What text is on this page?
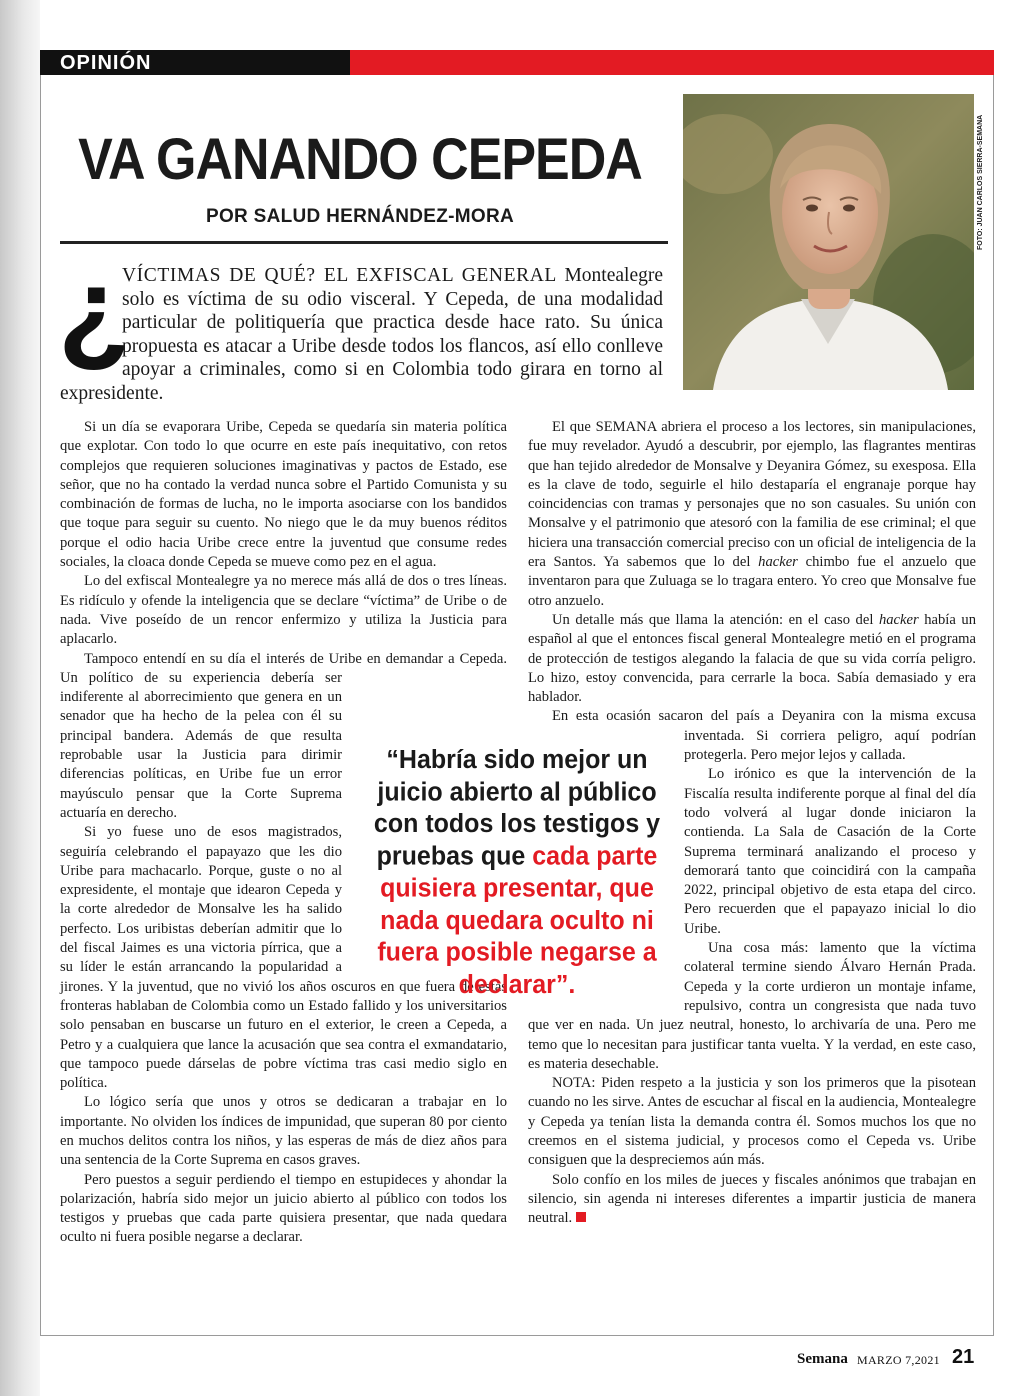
OPINIÓN
VA GANANDO CEPEDA
POR SALUD HERNÁNDEZ-MORA	FOTO: JUAN CARLOS SIERRA-SEMANA
¿
VÍCTIMAS DE QUÉ? EL EXFISCAL GENERAL Montealegre solo es víctima de su odio visceral. Y Cepeda, de una modalidad particular de politiquería que practica desde hace rato. Su única propuesta es atacar a Uribe desde todos los flancos, así ello conlleve apoyar a criminales, como si en Colombia todo girara en torno al expresidente.

Si un día se evaporara Uribe, Cepeda se quedaría sin materia política que explotar. Con todo lo que ocurre en este país inequitativo, con retos complejos que requieren soluciones imaginativas y pactos de Estado, ese señor, que no ha contado la verdad nunca sobre el Partido Comunista y su combinación de formas de lucha, no le importa asociarse con los bandidos que toque para seguir su cuento. No niego que le da muy buenos réditos porque el odio hacia Uribe crece entre la juventud que consume redes sociales, la cloaca donde Cepeda se mueve como pez en el agua.

Lo del exfiscal Montealegre ya no merece más allá de dos o tres líneas. Es ridículo y ofende la inteligencia que se declare “víctima” de Uribe o de nada. Vive poseído de un rencor enfermizo y utiliza la Justicia para aplacarlo.

Tampoco entendí en su día el interés de Uribe en demandar a Cepeda. Un político de su experiencia debería ser indiferente al aborrecimiento que genera en un senador que ha hecho de la pelea con él su principal bandera. Además de que resulta reprobable usar la Justicia para dirimir diferencias políticas, en Uribe fue un error mayúsculo pensar que la Corte Suprema actuaría en derecho.

Si yo fuese uno de esos magistrados, seguiría celebrando el papayazo que les dio Uribe para machacarlo. Porque, guste o no al expresidente, el montaje que idearon Cepeda y la corte alrededor de Monsalve les ha salido perfecto. Los uribistas deberían admitir que lo del fiscal Jaimes es una victoria pírrica, que a su líder le están arrancando la popularidad a jirones. Y la juventud, que no vivió los años oscuros en que fuera de estas fronteras hablaban de Colombia como un Estado fallido y los universitarios solo pensaban en buscarse un futuro en el exterior, le creen a Cepeda, a Petro y a cualquiera que lance la acusación que sea contra el exmandatario, que tampoco puede dárselas de pobre víctima tras casi medio siglo en política.

Lo lógico sería que unos y otros se dedicaran a trabajar en lo importante. No olviden los índices de impunidad, que superan 80 por ciento en muchos delitos contra los niños, y las esperas de más de diez años para una sentencia de la Corte Suprema en casos graves.

Pero puestos a seguir perdiendo el tiempo en estupideces y ahondar la polarización, habría sido mejor un juicio abierto al público con todos los testigos y pruebas que cada parte quisiera presentar, que nada quedara oculto ni fuera posible negarse a declarar.

El que SEMANA abriera el proceso a los lectores, sin manipulaciones, fue muy revelador. Ayudó a descubrir, por ejemplo, las flagrantes mentiras que han tejido alrededor de Monsalve y Deyanira Gómez, su exesposa. Ella es la clave de todo, seguirle el hilo destaparía el engranaje porque hay coincidencias con tramas y personajes que no son casuales. Su unión con Monsalve y el patrimonio que atesoró con la familia de ese criminal; el que hiciera una transacción comercial preciso con un oficial de inteligencia de la era Santos. Ya sabemos que lo del hacker chimbo fue el anzuelo que inventaron para que Zuluaga se lo tragara entero. Yo creo que Monsalve fue otro anzuelo.

Un detalle más que llama la atención: en el caso del hacker había un español al que el entonces fiscal general Montealegre metió en el programa de protección de testigos alegando la falacia de que su vida corría peligro. Lo hizo, estoy convencida, para cerrarle la boca. Sabía demasiado y era hablador.

En esta ocasión sacaron del país a Deyanira con la misma excusa inventada. Si corriera peligro, aquí podrían protegerla. Pero mejor lejos y callada.

Lo irónico es que la intervención de la Fiscalía resulta indiferente porque al final del día todo volverá al lugar donde iniciaron la contienda. La Sala de Casación de la Corte Suprema terminará analizando el proceso y demorará tanto que coincidirá con la campaña 2022, principal objetivo de esta etapa del circo. Pero recuerden que el papayazo inicial lo dio Uribe.

Una cosa más: lamento que la víctima colateral termine siendo Álvaro Hernán Prada. Cepeda y la corte urdieron un montaje infame, repulsivo, contra un congresista que nada tuvo que ver en nada. Un juez neutral, honesto, lo archivaría de una. Pero me temo que lo necesitan para justificar tanta vuelta. Y la verdad, en este caso, es materia desechable.

NOTA: Piden respeto a la justicia y son los primeros que la pisotean cuando no les sirve. Antes de escuchar al fiscal en la audiencia, Montealegre y Cepeda ya tenían lista la demanda contra él. Somos muchos los que no creemos en el sistema judicial, y procesos como el Cepeda vs. Uribe consiguen que la despreciemos aún más.

Solo confío en los miles de jueces y fiscales anónimos que trabajan en silencio, sin agenda ni intereses diferentes a impartir justicia de manera neutral.

“Habría sido mejor un juicio abierto al público con todos los testigos y pruebas que cada parte quisiera presentar, que nada quedara oculto ni fuera posible negarse a declarar”.
Semana MARZO 7,2021 21
